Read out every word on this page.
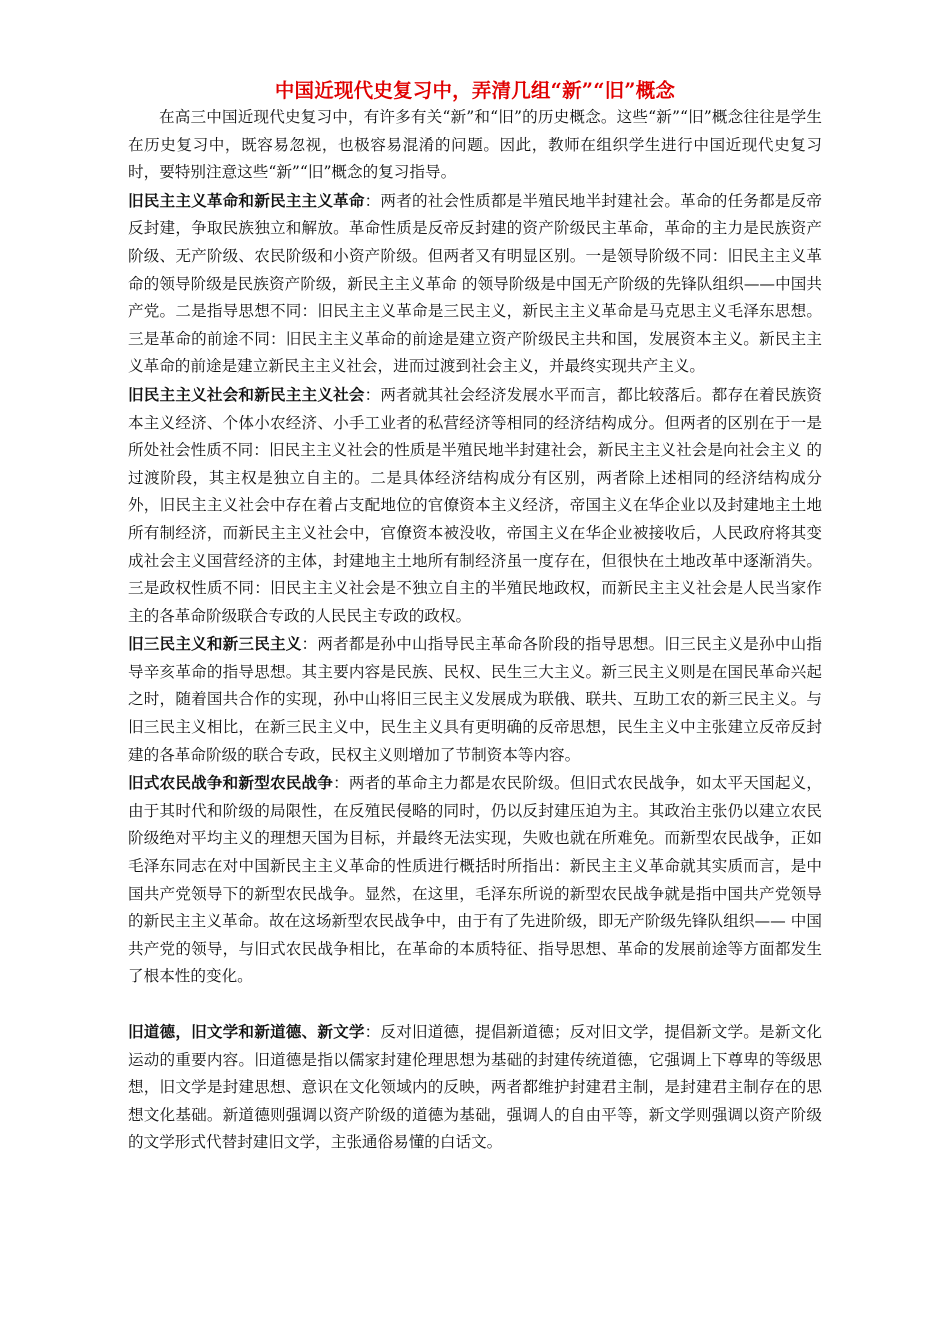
中国近现代史复习中，弄清几组“新”“旧”概念

在高三中国近现代史复习中，有许多有关“新”和“旧”的历史概念。这些“新”“旧”概念往往是学生在历史复习中，既容易忽视，也极容易混淆的问题。因此，教师在组织学生进行中国近现代史复习时，要特别注意这些“新”“旧”概念的复习指导。

旧民主主义革命和新民主主义革命：两者的社会性质都是半殖民地半封建社会。革命的任务都是反帝反封建，争取民族独立和解放。革命性质是反帝反封建的资产阶级民主革命，革命的主力是民族资产阶级、无产阶级、农民阶级和小资产阶级。但两者又有明显区别。一是领导阶级不同：旧民主主义革命的领导阶级是民族资产阶级，新民主主义革命 的领导阶级是中国无产阶级的先锋队组织——中国共产党。二是指导思想不同：旧民主主义革命是三民主义，新民主主义革命是马克思主义毛泽东思想。三是革命的前途不同：旧民主主义革命的前途是建立资产阶级民主共和国，发展资本主义。新民主主义革命的前途是建立新民主主义社会，进而过渡到社会主义，并最终实现共产主义。

旧民主主义社会和新民主主义社会：两者就其社会经济发展水平而言，都比较落后。都存在着民族资本主义经济、个体小农经济、小手工业者的私营经济等相同的经济结构成分。但两者的区别在于一是所处社会性质不同：旧民主主义社会的性质是半殖民地半封建社会，新民主主义社会是向社会主义 的过渡阶段，其主权是独立自主的。二是具体经济结构成分有区别，两者除上述相同的经济结构成分外，旧民主主义社会中存在着占支配地位的官僚资本主义经济，帝国主义在华企业以及封建地主土地所有制经济，而新民主主义社会中，官僚资本被没收，帝国主义在华企业被接收后，人民政府将其变成社会主义国营经济的主体，封建地主土地所有制经济虽一度存在，但很快在土地改革中逐渐消失。三是政权性质不同：旧民主主义社会是不独立自主的半殖民地政权，而新民主主义社会是人民当家作主的各革命阶级联合专政的人民民主专政的政权。

旧三民主义和新三民主义：两者都是孙中山指导民主革命各阶段的指导思想。旧三民主义是孙中山指导辛亥革命的指导思想。其主要内容是民族、民权、民生三大主义。新三民主义则是在国民革命兴起之时，随着国共合作的实现，孙中山将旧三民主义发展成为联俄、联共、互助工农的新三民主义。与旧三民主义相比，在新三民主义中，民生主义具有更明确的反帝思想，民生主义中主张建立反帝反封建的各革命阶级的联合专政，民权主义则增加了节制资本等内容。

旧式农民战争和新型农民战争：两者的革命主力都是农民阶级。但旧式农民战争，如太平天国起义，由于其时代和阶级的局限性，在反殖民侵略的同时，仍以反封建压迫为主。其政治主张仍以建立农民阶级绝对平均主义的理想天国为目标，并最终无法实现，失败也就在所难免。而新型农民战争，正如毛泽东同志在对中国新民主主义革命的性质进行概括时所指出：新民主主义革命就其实质而言，是中国共产党领导下的新型农民战争。显然，在这里，毛泽东所说的新型农民战争就是指中国共产党领导的新民主主义革命。故在这场新型农民战争中，由于有了先进阶级，即无产阶级先锋队组织—— 中国共产党的领导，与旧式农民战争相比，在革命的本质特征、指导思想、革命的发展前途等方面都发生了根本性的变化。

旧道德，旧文学和新道德、新文学：反对旧道德，提倡新道德；反对旧文学，提倡新文学。是新文化运动的重要内容。旧道德是指以儒家封建伦理思想为基础的封建传统道德，它强调上下尊卑的等级思想，旧文学是封建思想、意识在文化领域内的反映，两者都维护封建君主制，是封建君主制存在的思想文化基础。新道德则强调以资产阶级的道德为基础，强调人的自由平等，新文学则强调以资产阶级的文学形式代替封建旧文学，主张通俗易懂的白话文。
